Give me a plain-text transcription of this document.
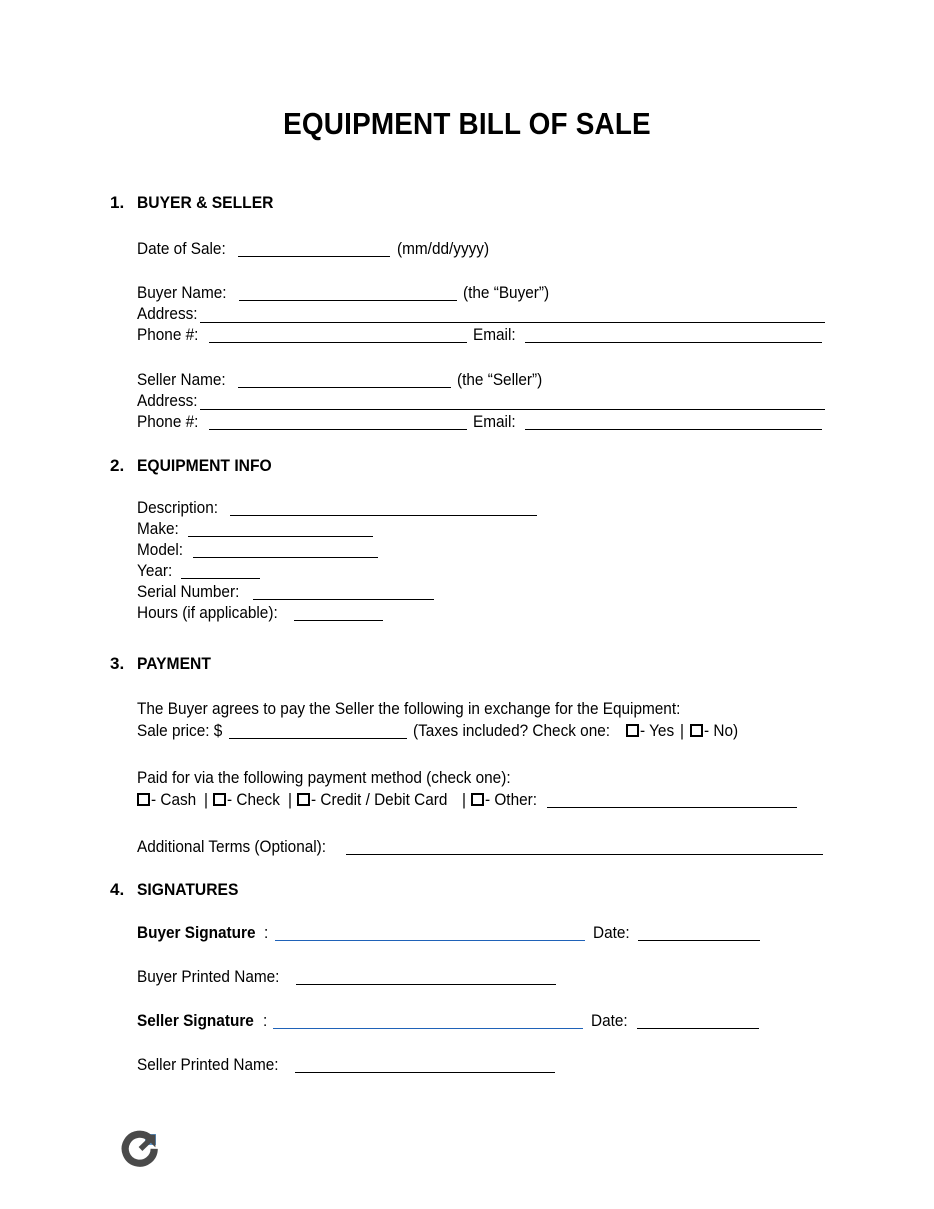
EQUIPMENT BILL OF SALE
1. BUYER & SELLER
Date of Sale:	(mm/dd/yyyy)
Buyer Name:	(the “Buyer”)
Address:
Phone #:	Email:
Seller Name:	(the “Seller”)
Address:
Phone #:	Email:
2. EQUIPMENT INFO
Description:
Make:
Model:
Year:
Serial Number:
Hours (if applicable):
3. PAYMENT
The Buyer agrees to pay the Seller the following in exchange for the Equipment:
Sale price: $	(Taxes included? Check one: - Yes | - No)
Paid for via the following payment method (check one):
- Cash | - Check | - Credit / Debit Card | - Other:
Additional Terms (Optional):
4. SIGNATURES
Buyer Signature :	Date:
Buyer Printed Name:
Seller Signature :	Date:
Seller Printed Name:
